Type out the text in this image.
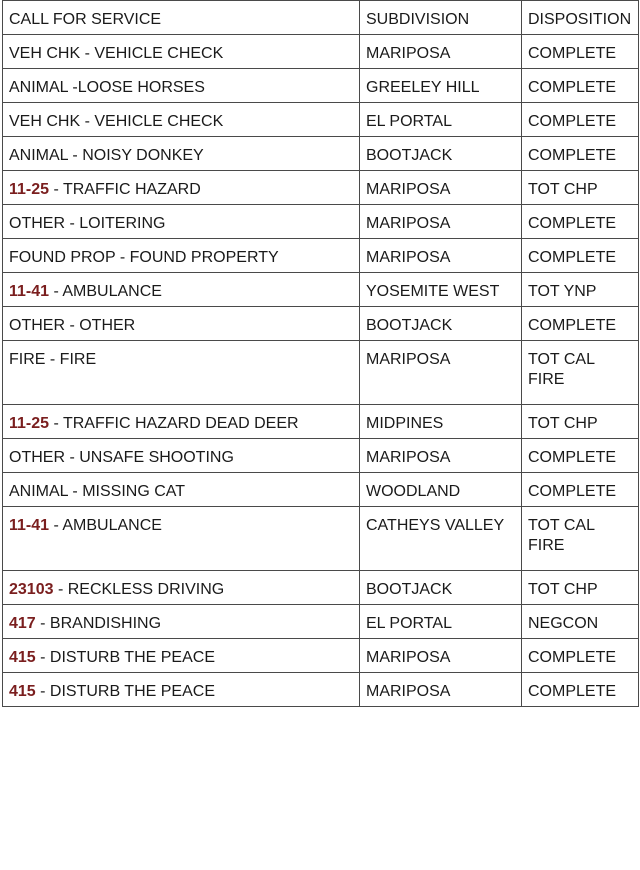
CALL FOR SERVICE	SUBDIVISION	DISPOSITION
VEH CHK - VEHICLE CHECK	MARIPOSA	COMPLETE
ANIMAL -LOOSE HORSES	GREELEY HILL	COMPLETE
VEH CHK - VEHICLE CHECK	EL PORTAL	COMPLETE
ANIMAL - NOISY DONKEY	BOOTJACK	COMPLETE
11-25 - TRAFFIC HAZARD	MARIPOSA	TOT CHP
OTHER - LOITERING	MARIPOSA	COMPLETE
FOUND PROP - FOUND PROPERTY	MARIPOSA	COMPLETE
11-41 - AMBULANCE	YOSEMITE WEST	TOT YNP
OTHER - OTHER	BOOTJACK	COMPLETE
FIRE - FIRE	MARIPOSA	TOT CAL FIRE
11-25 - TRAFFIC HAZARD DEAD DEER	MIDPINES	TOT CHP
OTHER - UNSAFE SHOOTING	MARIPOSA	COMPLETE
ANIMAL - MISSING CAT	WOODLAND	COMPLETE
11-41 - AMBULANCE	CATHEYS VALLEY	TOT CAL FIRE
23103 - RECKLESS DRIVING	BOOTJACK	TOT CHP
417 - BRANDISHING	EL PORTAL	NEGCON
415 - DISTURB THE PEACE	MARIPOSA	COMPLETE
415 - DISTURB THE PEACE	MARIPOSA	COMPLETE
